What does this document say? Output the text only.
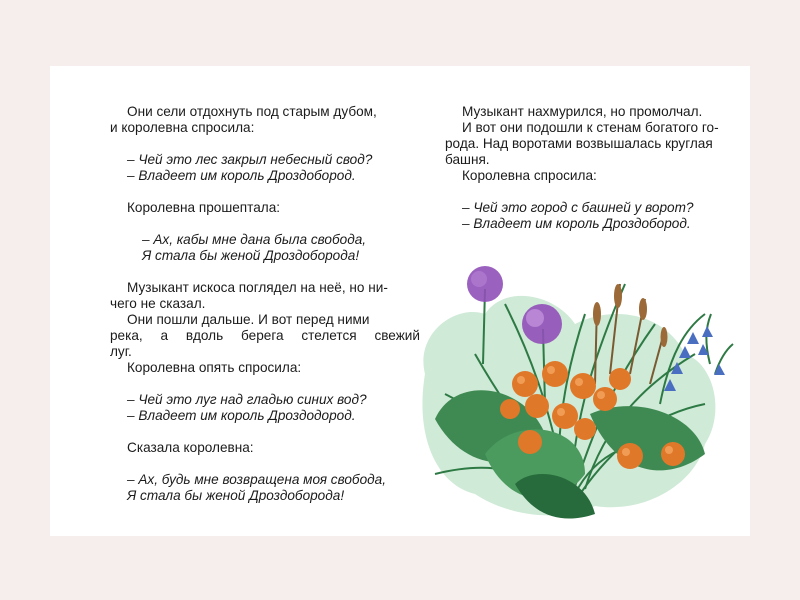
Они сели отдохнуть под старым дубом,

и королевна спросила:

– Чей это лес закрыл небесный свод?

– Владеет им король Дроздобород.

Королевна прошептала:

– Ах, кабы мне дана была свобода,

Я стала бы женой Дроздоборода!

Музыкант искоса поглядел на неё, но ни-

чего не сказал.

Они пошли дальше. И вот перед ними

река, а вдоль берега стелется свежий

луг.

Королевна опять спросила:

– Чей это луг над гладью синих вод?

– Владеет им король Дроздодород.

Сказала королевна:

– Ах, будь мне возвращена моя свобода,

Я стала бы женой Дроздоборода!

Музыкант нахмурился, но промолчал.

И вот они подошли к стенам богатого го-

рода. Над воротами возвышалась круглая

башня.

Королевна спросила:

– Чей это город с башней у ворот?

– Владеет им король Дроздобород.
